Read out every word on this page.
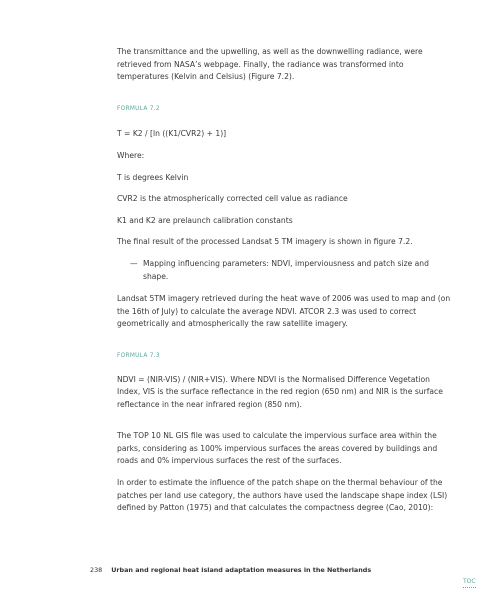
The transmittance and the upwelling, as well as the downwelling radiance, were retrieved from NASA’s webpage. Finally, the radiance was transformed into temperatures (Kelvin and Celsius) (Figure 7.2).

FORMULA 7.2

T = K2 / [ln ((K1/CVR2) + 1)]

Where:

T is degrees Kelvin

CVR2 is the atmospherically corrected cell value as radiance

K1 and K2 are prelaunch calibration constants

The final result of the processed Landsat 5 TM imagery is shown in figure 7.2.

— Mapping influencing parameters: NDVI, imperviousness and patch size and shape.

Landsat 5TM imagery retrieved during the heat wave of 2006 was used to map and (on the 16th of July) to calculate the average NDVI. ATCOR 2.3 was used to correct geometrically and atmospherically the raw satellite imagery.

FORMULA 7.3

NDVI = (NIR-VIS) / (NIR+VIS). Where NDVI is the Normalised Difference Vegetation Index, VIS is the surface reflectance in the red region (650 nm) and NIR is the surface reflectance in the near infrared region (850 nm).

The TOP 10 NL GIS file was used to calculate the impervious surface area within the parks, considering as 100% impervious surfaces the areas covered by buildings and roads and 0% impervious surfaces the rest of the surfaces.

In order to estimate the influence of the patch shape on the thermal behaviour of the patches per land use category, the authors have used the landscape shape index (LSI) defined by Patton (1975) and that calculates the compactness degree (Cao, 2010):

238 Urban and regional heat island adaptation measures in the Netherlands
TOC
